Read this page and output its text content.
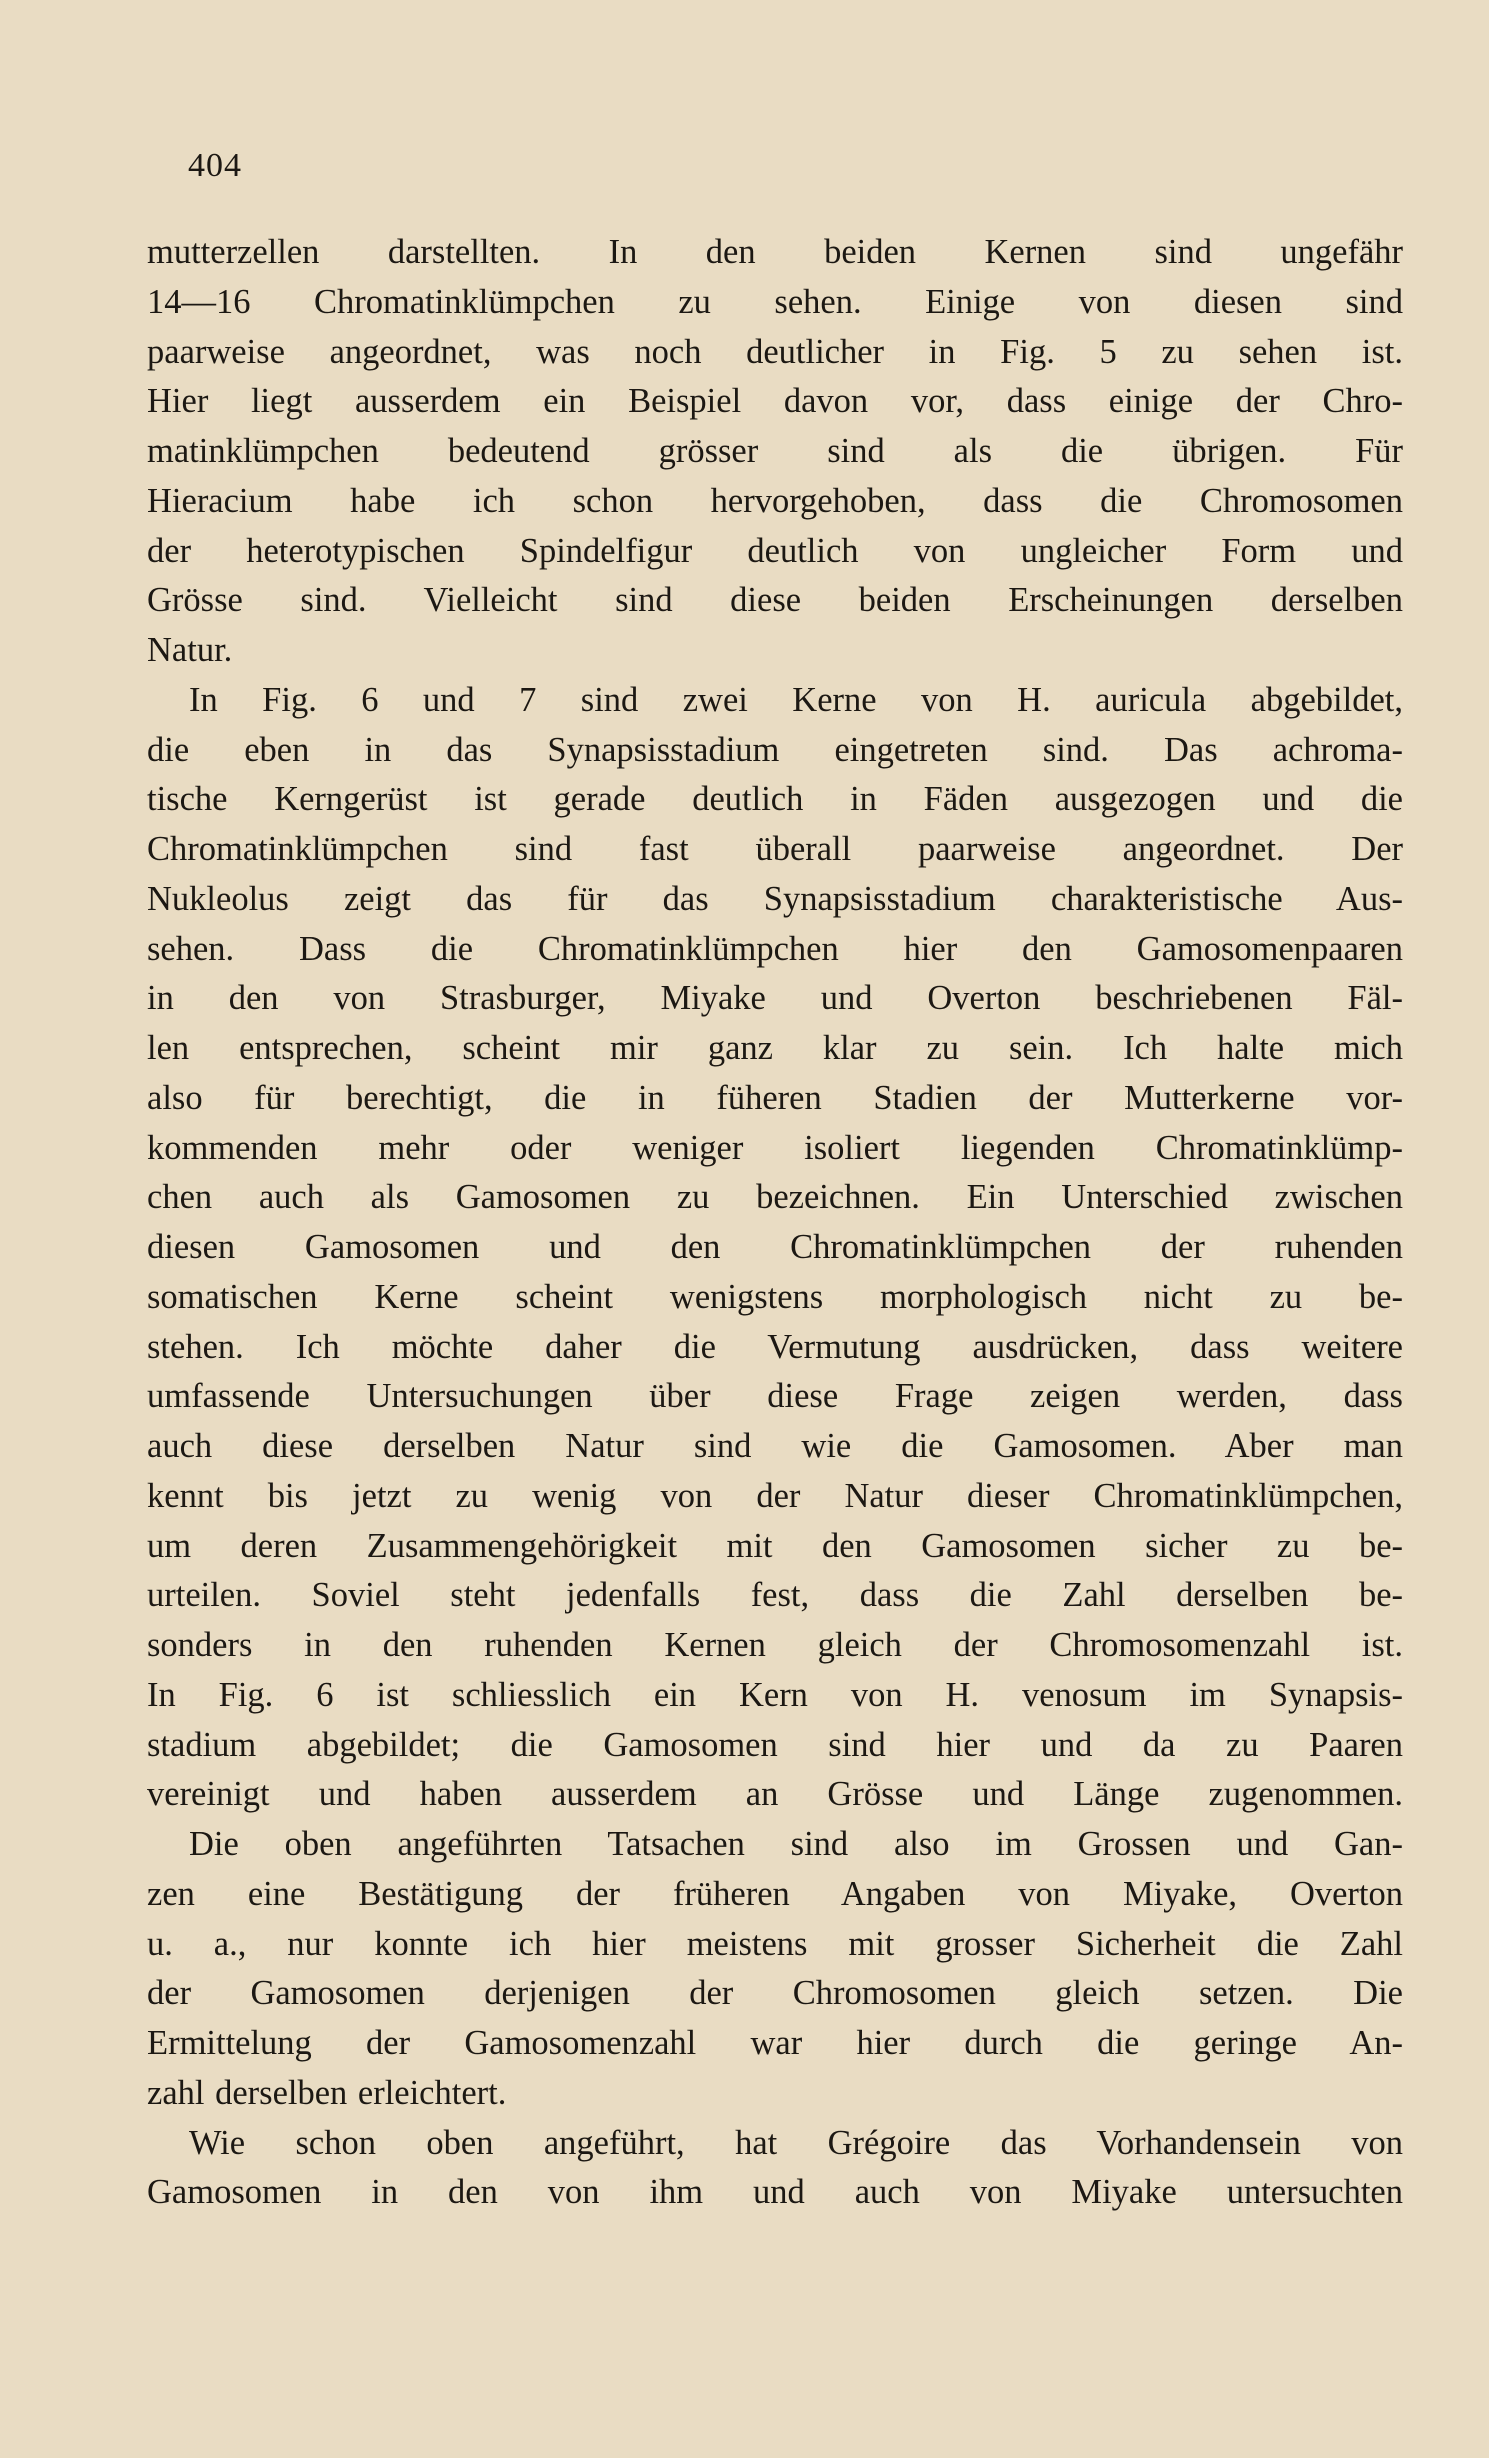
404
mutterzellen darstellten. In den beiden Kernen sind ungefähr
14—16 Chromatinklümpchen zu sehen. Einige von diesen sind
paarweise angeordnet, was noch deutlicher in Fig. 5 zu sehen ist.
Hier liegt ausserdem ein Beispiel davon vor, dass einige der Chro-
matinklümpchen bedeutend grösser sind als die übrigen. Für
Hieracium habe ich schon hervorgehoben, dass die Chromosomen
der heterotypischen Spindelfigur deutlich von ungleicher Form und
Grösse sind. Vielleicht sind diese beiden Erscheinungen derselben
Natur.
In Fig. 6 und 7 sind zwei Kerne von H. auricula abgebildet,
die eben in das Synapsisstadium eingetreten sind. Das achroma-
tische Kerngerüst ist gerade deutlich in Fäden ausgezogen und die
Chromatinklümpchen sind fast überall paarweise angeordnet. Der
Nukleolus zeigt das für das Synapsisstadium charakteristische Aus-
sehen. Dass die Chromatinklümpchen hier den Gamosomenpaaren
in den von Strasburger, Miyake und Overton beschriebenen Fäl-
len entsprechen, scheint mir ganz klar zu sein. Ich halte mich
also für berechtigt, die in füheren Stadien der Mutterkerne vor-
kommenden mehr oder weniger isoliert liegenden Chromatinklümp-
chen auch als Gamosomen zu bezeichnen. Ein Unterschied zwischen
diesen Gamosomen und den Chromatinklümpchen der ruhenden
somatischen Kerne scheint wenigstens morphologisch nicht zu be-
stehen. Ich möchte daher die Vermutung ausdrücken, dass weitere
umfassende Untersuchungen über diese Frage zeigen werden, dass
auch diese derselben Natur sind wie die Gamosomen. Aber man
kennt bis jetzt zu wenig von der Natur dieser Chromatinklümpchen,
um deren Zusammengehörigkeit mit den Gamosomen sicher zu be-
urteilen. Soviel steht jedenfalls fest, dass die Zahl derselben be-
sonders in den ruhenden Kernen gleich der Chromosomenzahl ist.
In Fig. 6 ist schliesslich ein Kern von H. venosum im Synapsis-
stadium abgebildet; die Gamosomen sind hier und da zu Paaren
vereinigt und haben ausserdem an Grösse und Länge zugenommen.
Die oben angeführten Tatsachen sind also im Grossen und Gan-
zen eine Bestätigung der früheren Angaben von Miyake, Overton
u. a., nur konnte ich hier meistens mit grosser Sicherheit die Zahl
der Gamosomen derjenigen der Chromosomen gleich setzen. Die
Ermittelung der Gamosomenzahl war hier durch die geringe An-
zahl derselben erleichtert.
Wie schon oben angeführt, hat Grégoire das Vorhandensein von
Gamosomen in den von ihm und auch von Miyake untersuchten
